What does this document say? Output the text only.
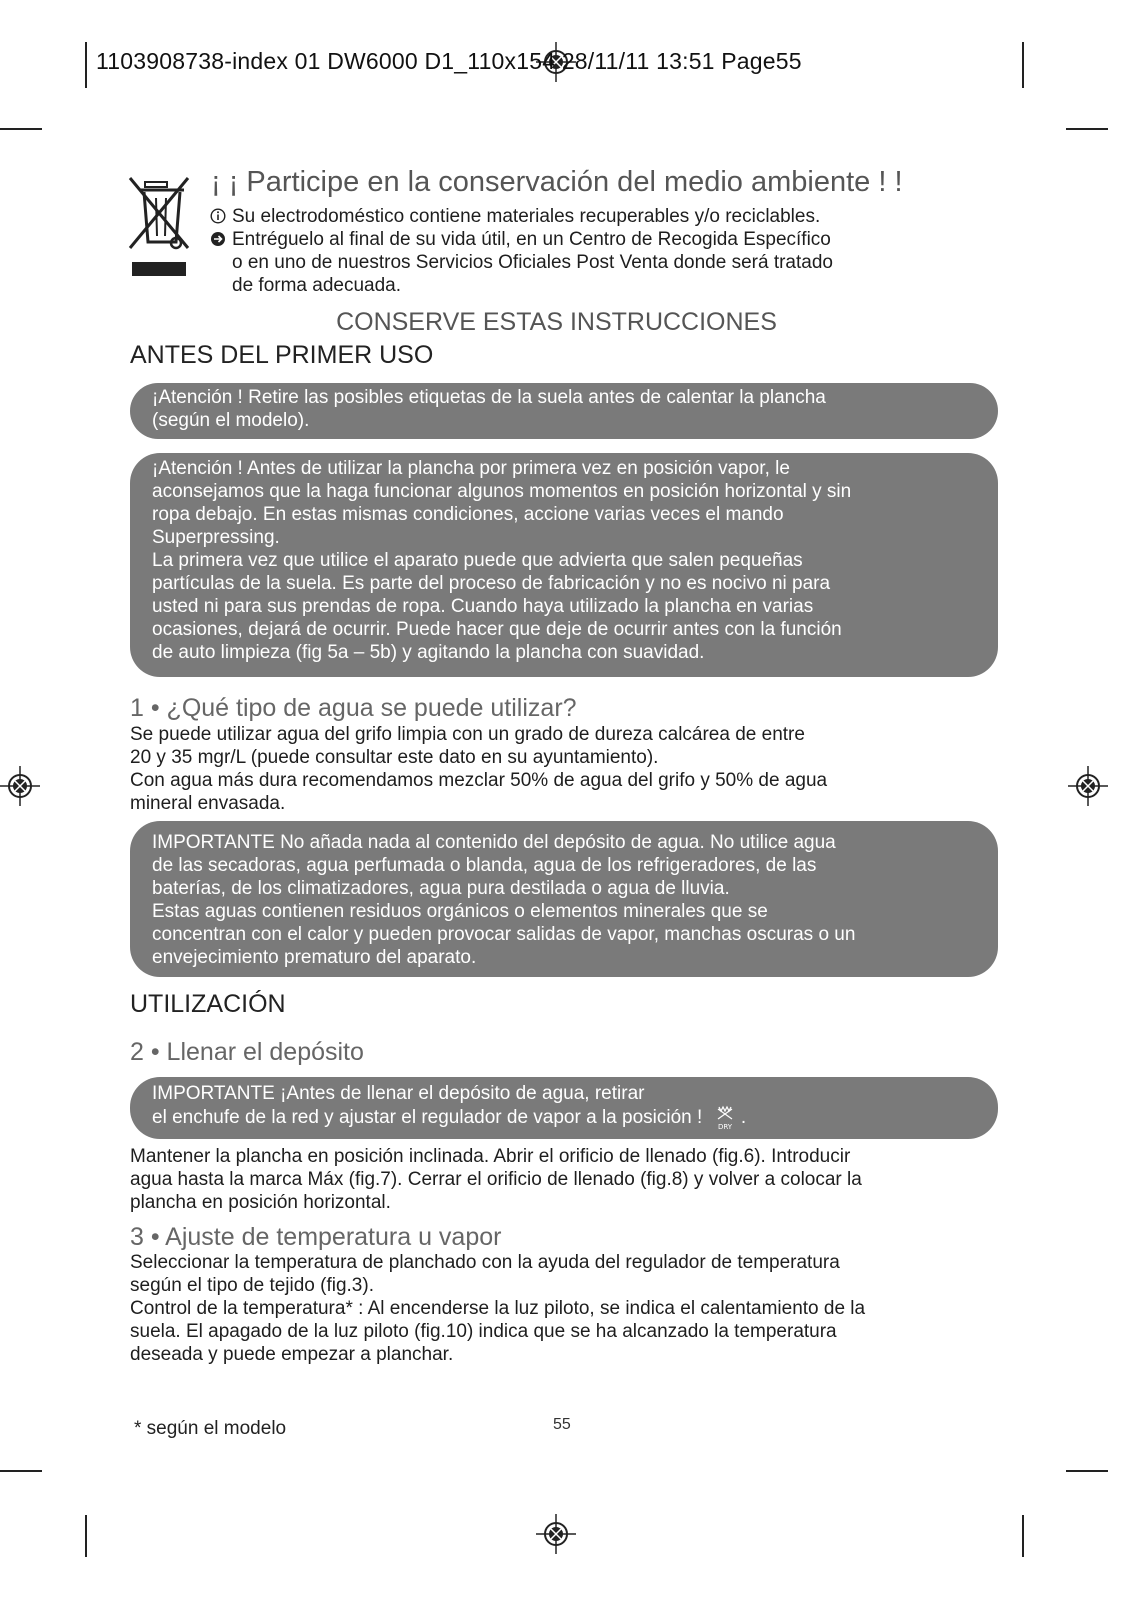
1103908738-index 01 DW6000 D1_110x154 28/11/11 13:51 Page55
¡ ¡ Participe en la conservación del medio ambiente ! !
Su electrodoméstico contiene materiales recuperables y/o reciclables.
Entréguelo al final de su vida útil, en un Centro de Recogida Específico
o en uno de nuestros Servicios Oficiales Post Venta donde será tratado
de forma adecuada.
CONSERVE ESTAS INSTRUCCIONES
ANTES DEL PRIMER USO

¡Atención ! Retire las posibles etiquetas de la suela antes de calentar la plancha

(según el modelo).

¡Atención ! Antes de utilizar la plancha por primera vez en posición vapor, le

aconsejamos que la haga funcionar algunos momentos en posición horizontal y sin

ropa debajo. En estas mismas condiciones, accione varias veces el mando

Superpressing.

La primera vez que utilice el aparato puede que advierta que salen pequeñas

partículas de la suela. Es parte del proceso de fabricación y no es nocivo ni para

usted ni para sus prendas de ropa. Cuando haya utilizado la plancha en varias

ocasiones, dejará de ocurrir. Puede hacer que deje de ocurrir antes con la función

de auto limpieza (fig 5a – 5b) y agitando la plancha con suavidad.

1 • ¿Qué tipo de agua se puede utilizar?

Se puede utilizar agua del grifo limpia con un grado de dureza calcárea de entre

20 y 35 mgr/L (puede consultar este dato en su ayuntamiento).

Con agua más dura recomendamos mezclar 50% de agua del grifo y 50% de agua

mineral envasada.

IMPORTANTE No añada nada al contenido del depósito de agua. No utilice agua

de las secadoras, agua perfumada o blanda, agua de los refrigeradores, de las

baterías, de los climatizadores, agua pura destilada o agua de lluvia.

Estas aguas contienen residuos orgánicos o elementos minerales que se

concentran con el calor y pueden provocar salidas de vapor, manchas oscuras o un

envejecimiento prematuro del aparato.

UTILIZACIÓN
2 • Llenar el depósito

IMPORTANTE ¡Antes de llenar el depósito de agua, retirar

el enchufe de la red y ajustar el regulador de vapor a la posición ! DRY .

Mantener la plancha en posición inclinada. Abrir el orificio de llenado (fig.6). Introducir

agua hasta la marca Máx (fig.7). Cerrar el orificio de llenado (fig.8) y volver a colocar la

plancha en posición horizontal.

3 • Ajuste de temperatura u vapor

Seleccionar la temperatura de planchado con la ayuda del regulador de temperatura

según el tipo de tejido (fig.3).

Control de la temperatura* : Al encenderse la luz piloto, se indica el calentamiento de la

suela. El apagado de la luz piloto (fig.10) indica que se ha alcanzado la temperatura

deseada y puede empezar a planchar.

* según el modelo	55
